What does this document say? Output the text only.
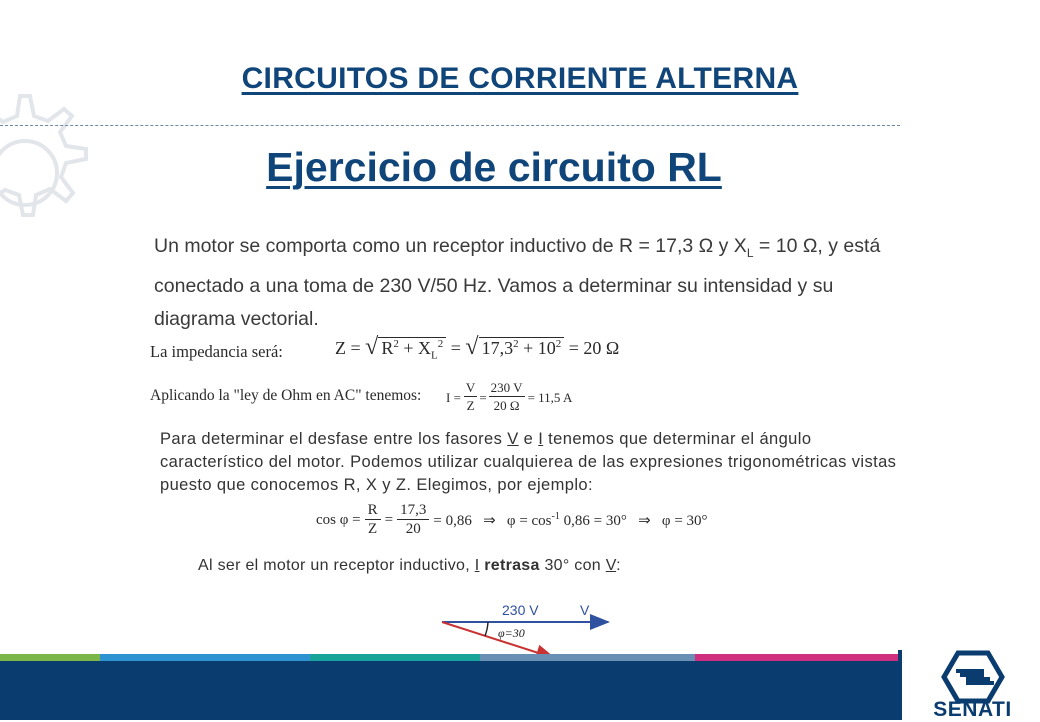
CIRCUITOS DE CORRIENTE ALTERNA
Ejercicio de circuito RL
Un motor se comporta como un receptor inductivo de R = 17,3 Ω y $X_L = 10$ Ω, y está conectado a una toma de 230 V/50 Hz. Vamos a determinar su intensidad y su diagrama vectorial.
La impedancia será:	Z = √ $R^2 + X_L^2$ = √ $17,3^2 + 10^2 = 20$ Ω
Aplicando la "ley de Ohm en AC" tenemos: I =	V	=	230 V	= 11,5 A
	Z		20 Ω	
Para determinar el desfase entre los fasores V e I tenemos que determinar el ángulo característico del motor. Podemos utilizar cualquierea de las expresiones trigonométricas vistas puesto que conocemos R, X y Z. Elegimos, por ejemplo:
cos φ =	R	=	17,3	= 0,86   ⇒   $\varphi = \cos^{-1} 0,86 = 30^\circ$   ⇒   φ = 30°
	Z		20	
Al ser el motor un receptor inductivo, I retrasa 30° con V:
230 V	V
φ=30
SENATI
